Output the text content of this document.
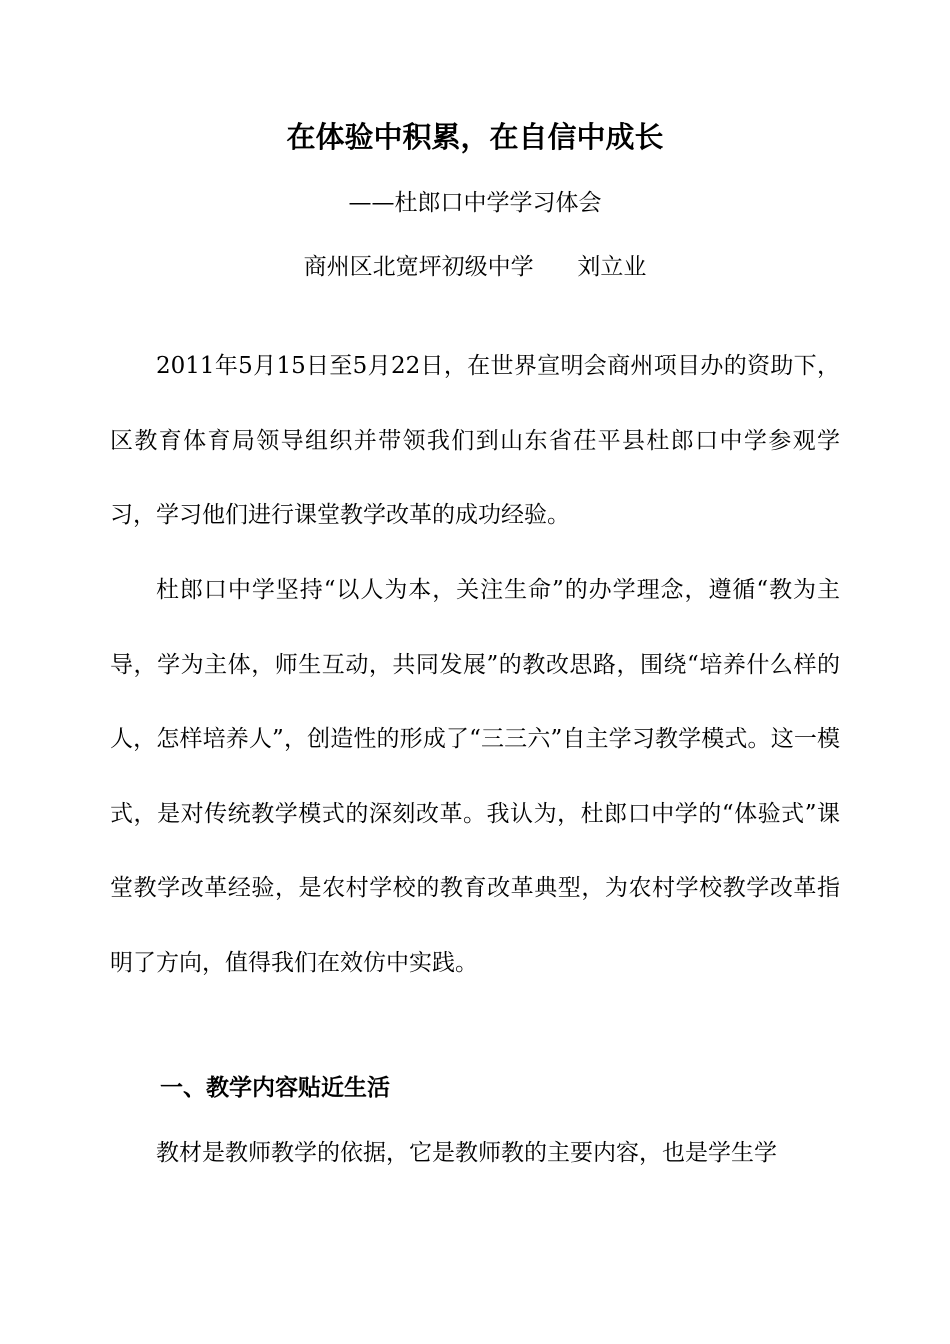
在体验中积累，在自信中成长

——杜郎口中学学习体会

商州区北宽坪初级中学      刘立业

2011年5月15日至5月22日，在世界宣明会商州项目办的资助下，区教育体育局领导组织并带领我们到山东省茌平县杜郎口中学参观学习，学习他们进行课堂教学改革的成功经验。

杜郎口中学坚持“以人为本，关注生命”的办学理念，遵循“教为主导，学为主体，师生互动，共同发展”的教改思路，围绕“培养什么样的人，怎样培养人”，创造性的形成了“三三六”自主学习教学模式。这一模式，是对传统教学模式的深刻改革。我认为，杜郎口中学的“体验式”课堂教学改革经验，是农村学校的教育改革典型，为农村学校教学改革指明了方向，值得我们在效仿中实践。

一、教学内容贴近生活

教材是教师教学的依据，它是教师教的主要内容，也是学生学
